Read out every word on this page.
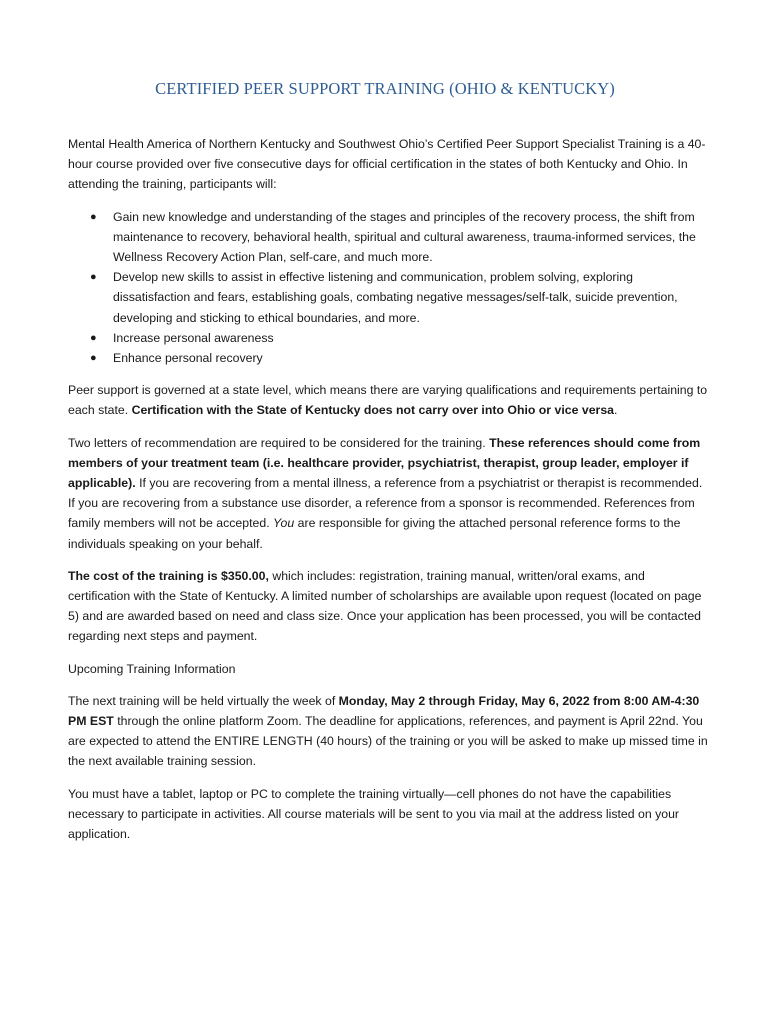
CERTIFIED PEER SUPPORT TRAINING (OHIO & KENTUCKY)

Mental Health America of Northern Kentucky and Southwest Ohio’s Certified Peer Support Specialist Training is a 40-hour course provided over five consecutive days for official certification in the states of both Kentucky and Ohio. In attending the training, participants will:

● Gain new knowledge and understanding of the stages and principles of the recovery process, the shift from maintenance to recovery, behavioral health, spiritual and cultural awareness, trauma-informed services, the Wellness Recovery Action Plan, self-care, and much more.
● Develop new skills to assist in effective listening and communication, problem solving, exploring dissatisfaction and fears, establishing goals, combating negative messages/self-talk, suicide prevention, developing and sticking to ethical boundaries, and more.
● Increase personal awareness
● Enhance personal recovery

Peer support is governed at a state level, which means there are varying qualifications and requirements pertaining to each state. Certification with the State of Kentucky does not carry over into Ohio or vice versa.

Two letters of recommendation are required to be considered for the training. These references should come from members of your treatment team (i.e. healthcare provider, psychiatrist, therapist, group leader, employer if applicable). If you are recovering from a mental illness, a reference from a psychiatrist or therapist is recommended. If you are recovering from a substance use disorder, a reference from a sponsor is recommended. References from family members will not be accepted. You are responsible for giving the attached personal reference forms to the individuals speaking on your behalf.

The cost of the training is $350.00, which includes: registration, training manual, written/oral exams, and certification with the State of Kentucky. A limited number of scholarships are available upon request (located on page 5) and are awarded based on need and class size. Once your application has been processed, you will be contacted regarding next steps and payment.

Upcoming Training Information

The next training will be held virtually the week of Monday, May 2 through Friday, May 6, 2022 from 8:00 AM-4:30 PM EST through the online platform Zoom. The deadline for applications, references, and payment is April 22nd. You are expected to attend the ENTIRE LENGTH (40 hours) of the training or you will be asked to make up missed time in the next available training session.

You must have a tablet, laptop or PC to complete the training virtually—cell phones do not have the capabilities necessary to participate in activities. All course materials will be sent to you via mail at the address listed on your application.
